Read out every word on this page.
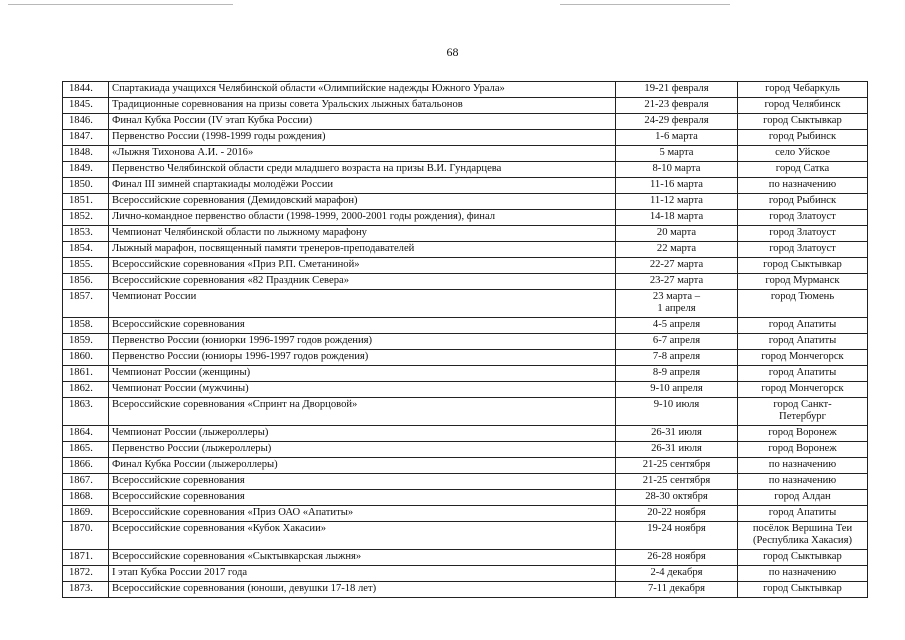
68
1844.	Спартакиада учащихся Челябинской области «Олимпийские надежды Южного Урала»	19-21 февраля	город Чебаркуль
1845.	Традиционные соревнования на призы совета Уральских лыжных батальонов	21-23 февраля	город Челябинск
1846.	Финал Кубка России (IV этап Кубка России)	24-29 февраля	город Сыктывкар
1847.	Первенство России (1998-1999 годы рождения)	1-6 марта	город Рыбинск
1848.	«Лыжня Тихонова А.И. - 2016»	5 марта	село Уйское
1849.	Первенство Челябинской области среди младшего возраста на призы В.И. Гундарцева	8-10 марта	город Сатка
1850.	Финал III зимней спартакиады молодёжи России	11-16 марта	по назначению
1851.	Всероссийские соревнования (Демидовский марафон)	11-12 марта	город Рыбинск
1852.	Лично-командное первенство области (1998-1999, 2000-2001 годы рождения), финал	14-18 марта	город Златоуст
1853.	Чемпионат Челябинской области по лыжному марафону	20 марта	город Златоуст
1854.	Лыжный марафон, посвященный памяти тренеров-преподавателей	22 марта	город Златоуст
1855.	Всероссийские соревнования «Приз Р.П. Сметаниной»	22-27 марта	город Сыктывкар
1856.	Всероссийские соревнования «82 Праздник Севера»	23-27 марта	город Мурманск
1857.	Чемпионат России	23 марта –
1 апреля	город Тюмень
1858.	Всероссийские соревнования	4-5 апреля	город Апатиты
1859.	Первенство России (юниорки 1996-1997 годов рождения)	6-7 апреля	город Апатиты
1860.	Первенство России (юниоры 1996-1997 годов рождения)	7-8 апреля	город Мончегорск
1861.	Чемпионат России (женщины)	8-9 апреля	город Апатиты
1862.	Чемпионат России (мужчины)	9-10 апреля	город Мончегорск
1863.	Всероссийские соревнования «Спринт на Дворцовой»	9-10 июля	город Санкт-
Петербург
1864.	Чемпионат России (лыжероллеры)	26-31 июля	город Воронеж
1865.	Первенство России (лыжероллеры)	26-31 июля	город Воронеж
1866.	Финал Кубка России (лыжероллеры)	21-25 сентября	по назначению
1867.	Всероссийские соревнования	21-25 сентября	по назначению
1868.	Всероссийские соревнования	28-30 октября	город Алдан
1869.	Всероссийские соревнования «Приз ОАО «Апатиты»	20-22 ноября	город Апатиты
1870.	Всероссийские соревнования «Кубок Хакасии»	19-24 ноября	посёлок Вершина Теи
(Республика Хакасия)
1871.	Всероссийские соревнования «Сыктывкарская лыжня»	26-28 ноября	город Сыктывкар
1872.	I этап Кубка России 2017 года	2-4 декабря	по назначению
1873.	Всероссийские соревнования (юноши, девушки 17-18 лет)	7-11 декабря	город Сыктывкар
